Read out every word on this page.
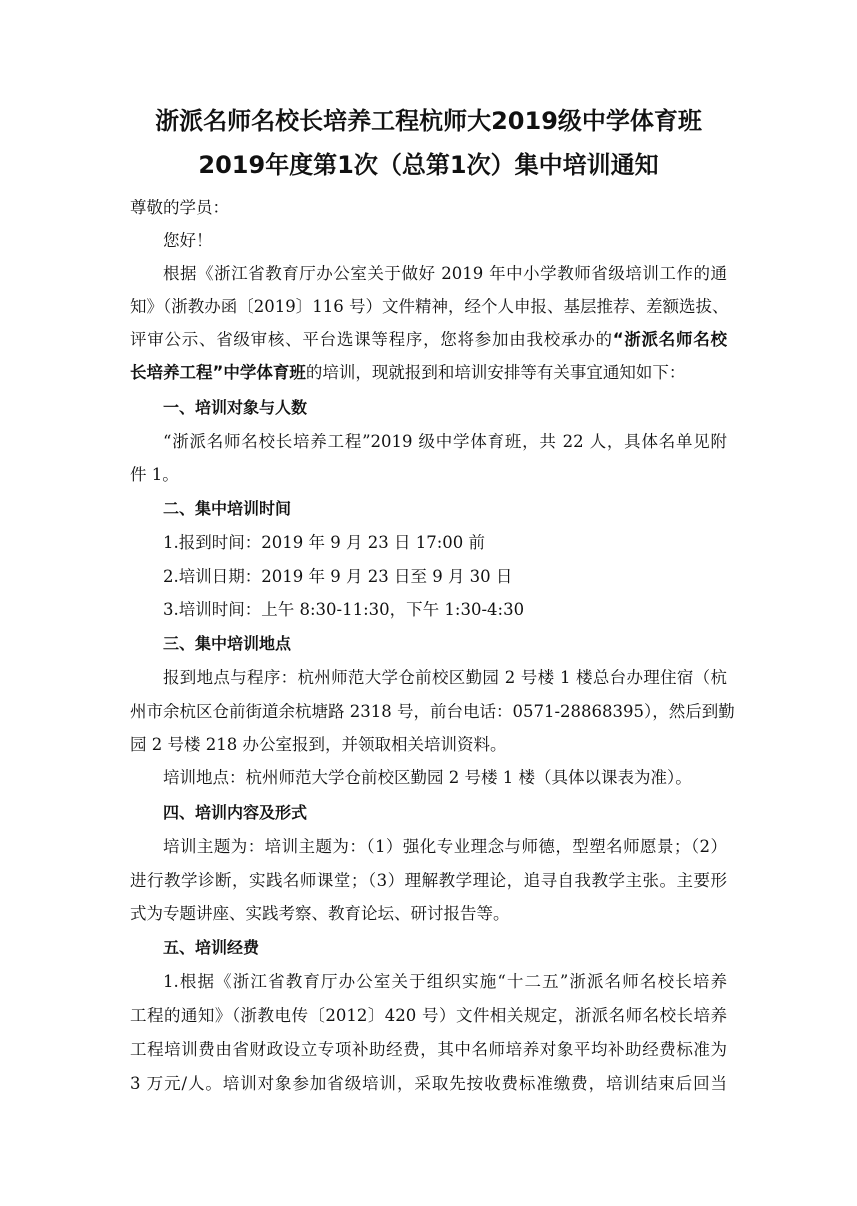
浙派名师名校长培养工程杭师大2019级中学体育班
2019年度第1次（总第1次）集中培训通知
尊敬的学员：
您好！
根据《浙江省教育厅办公室关于做好 2019 年中小学教师省级培训工作的通
知》（浙教办函〔2019〕116 号）文件精神，经个人申报、基层推荐、差额选拔、
评审公示、省级审核、平台选课等程序，您将参加由我校承办的“浙派名师名校
长培养工程”中学体育班的培训，现就报到和培训安排等有关事宜通知如下：
一、培训对象与人数
“浙派名师名校长培养工程”2019 级中学体育班，共 22 人，具体名单见附
件 1。
二、集中培训时间
1.报到时间：2019 年 9 月 23 日 17:00 前
2.培训日期：2019 年 9 月 23 日至 9 月 30 日
3.培训时间：上午 8:30-11:30，下午 1:30-4:30
三、集中培训地点
报到地点与程序：杭州师范大学仓前校区勤园 2 号楼 1 楼总台办理住宿（杭
州市余杭区仓前街道余杭塘路 2318 号，前台电话：0571-28868395），然后到勤
园 2 号楼 218 办公室报到，并领取相关培训资料。
培训地点：杭州师范大学仓前校区勤园 2 号楼 1 楼（具体以课表为准）。
四、培训内容及形式
培训主题为：培训主题为：（1）强化专业理念与师德，型塑名师愿景；（2）
进行教学诊断，实践名师课堂；（3）理解教学理论，追寻自我教学主张。主要形
式为专题讲座、实践考察、教育论坛、研讨报告等。
五、培训经费
1.根据《浙江省教育厅办公室关于组织实施“十二五”浙派名师名校长培养
工程的通知》（浙教电传〔2012〕420 号）文件相关规定，浙派名师名校长培养
工程培训费由省财政设立专项补助经费，其中名师培养对象平均补助经费标准为
3 万元/人。培训对象参加省级培训，采取先按收费标准缴费，培训结束后回当
